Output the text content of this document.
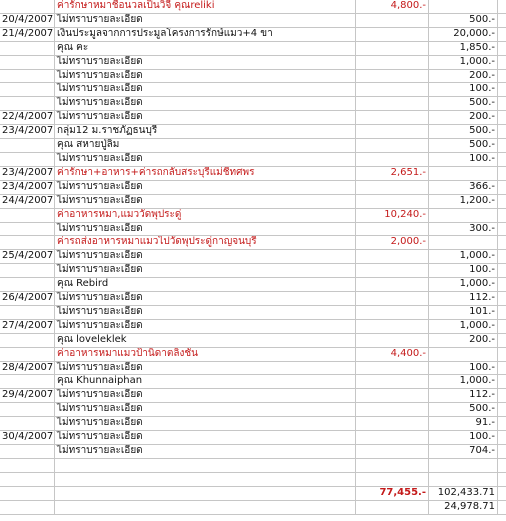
	ค่ารักษาหมาชื่อนวลเป็นวิจี คุณreliki	4,800.-		
20/4/2007	ไม่ทราบรายละเอียด		500.-	
21/4/2007	เงินประมูลจากการประมูลโครงการรักษ์แมว+4 ขา		20,000.-	
	คุณ ฅะ		1,850.-	
	ไม่ทราบรายละเอียด		1,000.-	
	ไม่ทราบรายละเอียด		200.-	
	ไม่ทราบรายละเอียด		100.-	
	ไม่ทราบรายละเอียด		500.-	
22/4/2007	ไม่ทราบรายละเอียด		200.-	
23/4/2007	กลุ่ม12 ม.ราชภัฏธนบุรี		500.-	
	คุณ สหายปู่ลิ่ม		500.-	
	ไม่ทราบรายละเอียด		100.-	
23/4/2007	ค่ารักษา+อาหาร+ค่ารถกลับสระบุรีแม่ชีทศพร	2,651.-		
23/4/2007	ไม่ทราบรายละเอียด		366.-	
24/4/2007	ไม่ทราบรายละเอียด		1,200.-	
	ค่าอาหารหมา,แมววัดพุประดู่	10,240.-		
	ไม่ทราบรายละเอียด		300.-	
	ค่ารถส่งอาหารหมาแมวไปวัดพุประดู่กาญจนบุรี	2,000.-		
25/4/2007	ไม่ทราบรายละเอียด		1,000.-	
	ไม่ทราบรายละเอียด		100.-	
	คุณ Rebird		1,000.-	
26/4/2007	ไม่ทราบรายละเอียด		112.-	
	ไม่ทราบรายละเอียด		101.-	
27/4/2007	ไม่ทราบรายละเอียด		1,000.-	
	คุณ loveleklek		200.-	
	ค่าอาหารหมาแมวป้านิดาตลิ่งชัน	4,400.-		
28/4/2007	ไม่ทราบรายละเอียด		100.-	
	คุณ Khunnaiphan		1,000.-	
29/4/2007	ไม่ทราบรายละเอียด		112.-	
	ไม่ทราบรายละเอียด		500.-	
	ไม่ทราบรายละเอียด		91.-	
30/4/2007	ไม่ทราบรายละเอียด		100.-	
	ไม่ทราบรายละเอียด		704.-	

		77,455.-	102,433.71	
			24,978.71	
